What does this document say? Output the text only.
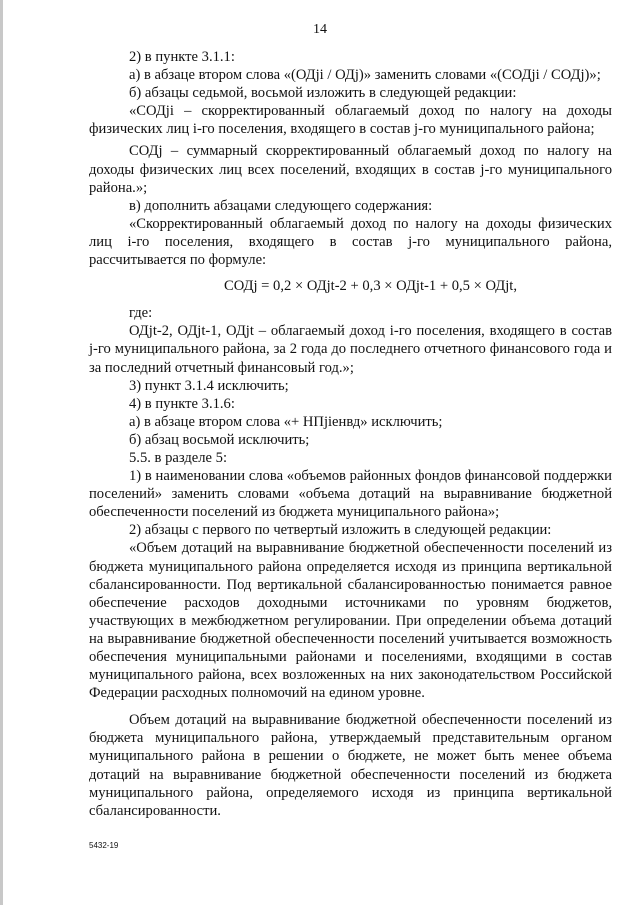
14

2) в пункте 3.1.1:

а) в абзаце втором слова «(ОДji / ОДj)» заменить словами «(СОДji / СОДj)»;

б) абзацы седьмой, восьмой изложить в следующей редакции:

«СОДji – скорректированный облагаемый доход по налогу на доходы физических лиц i-го поселения, входящего в состав j-го муниципального района;

СОДj – суммарный скорректированный облагаемый доход по налогу на доходы физических лиц всех поселений, входящих в состав j-го муниципального района.»;

в) дополнить абзацами следующего содержания:

«Скорректированный облагаемый доход по налогу на доходы физических лиц i-го поселения, входящего в состав j-го муниципального района, рассчитывается по формуле:

СОДj = 0,2 × ОДjt-2 + 0,3 × ОДjt-1 + 0,5 × ОДjt,

где:

ОДjt-2, ОДjt-1, ОДjt – облагаемый доход i-го поселения, входящего в состав j-го муниципального района, за 2 года до последнего отчетного финансового года и за последний отчетный финансовый год.»;

3) пункт 3.1.4 исключить;

4) в пункте 3.1.6:

а) в абзаце втором слова «+ НПjiенвд» исключить;

б) абзац восьмой исключить;

5.5. в разделе 5:

1) в наименовании слова «объемов районных фондов финансовой поддержки поселений» заменить словами «объема дотаций на выравнивание бюджетной обеспеченности поселений из бюджета муниципального района»;

2) абзацы с первого по четвертый изложить в следующей редакции:

«Объем дотаций на выравнивание бюджетной обеспеченности поселений из бюджета муниципального района определяется исходя из принципа вертикальной сбалансированности. Под вертикальной сбалансированностью понимается равное обеспечение расходов доходными источниками по уровням бюджетов, участвующих в межбюджетном регулировании. При определении объема дотаций на выравнивание бюджетной обеспеченности поселений учитывается возможность обеспечения муниципальными районами и поселениями, входящими в состав муниципального района, всех возложенных на них законодательством Российской Федерации расходных полномочий на едином уровне.

Объем дотаций на выравнивание бюджетной обеспеченности поселений из бюджета муниципального района, утверждаемый представительным органом муниципального района в решении о бюджете, не может быть менее объема дотаций на выравнивание бюджетной обеспеченности поселений из бюджета муниципального района, определяемого исходя из принципа вертикальной сбалансированности.

5432-19
